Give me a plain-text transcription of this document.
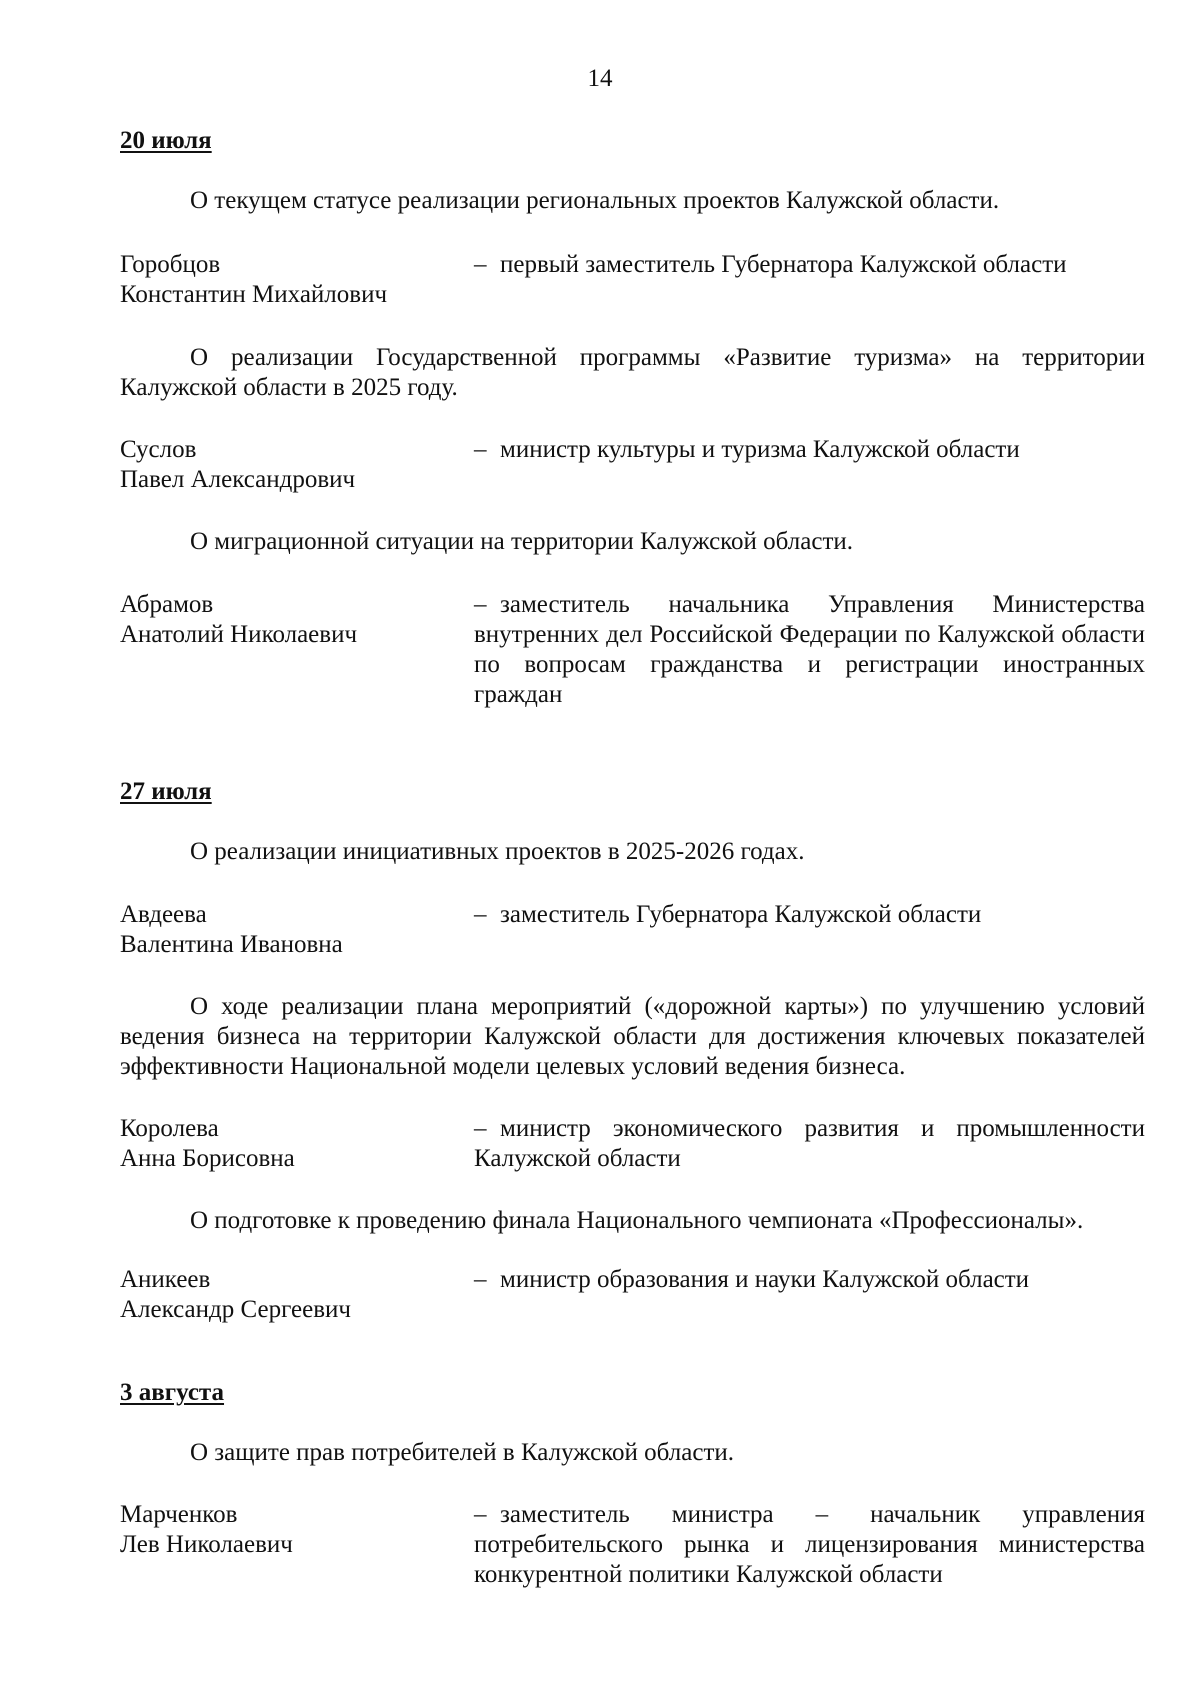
14
20 июля
О текущем статусе реализации региональных проектов Калужской области.
Горобцов
Константин Михайлович
– первый заместитель Губернатора Калужской области
О реализации Государственной программы «Развитие туризма» на территории Калужской области в 2025 году.
Суслов
Павел Александрович
– министр культуры и туризма Калужской области
О миграционной ситуации на территории Калужской области.
Абрамов
Анатолий Николаевич
– заместитель начальника Управления Министерства внутренних дел Российской Федерации по Калужской области по вопросам гражданства и регистрации иностранных граждан
27 июля
О реализации инициативных проектов в 2025-2026 годах.
Авдеева
Валентина Ивановна
– заместитель Губернатора Калужской области
О ходе реализации плана мероприятий («дорожной карты») по улучшению условий ведения бизнеса на территории Калужской области для достижения ключевых показателей эффективности Национальной модели целевых условий ведения бизнеса.
Королева
Анна Борисовна
– министр экономического развития и промышленности Калужской области
О подготовке к проведению финала Национального чемпионата «Профессионалы».
Аникеев
Александр Сергеевич
– министр образования и науки Калужской области
3 августа
О защите прав потребителей в Калужской области.
Марченков
Лев Николаевич
– заместитель министра – начальник управления потребительского рынка и лицензирования министерства конкурентной политики Калужской области
